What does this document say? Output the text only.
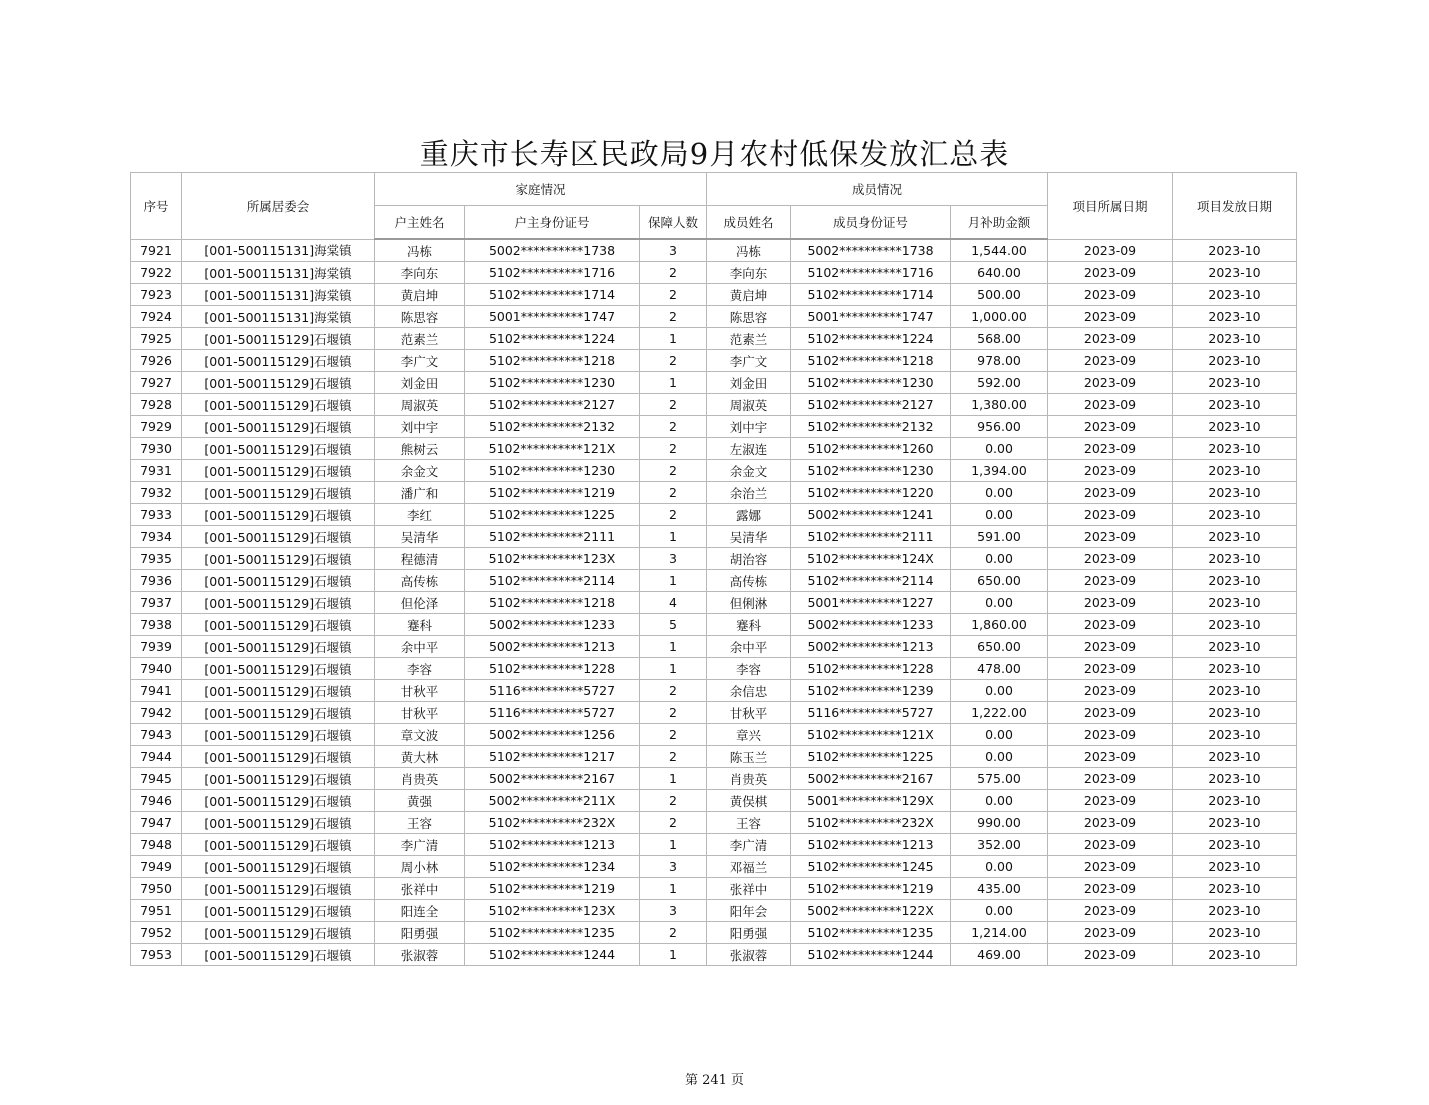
重庆市长寿区民政局9月农村低保发放汇总表
序号	所属居委会	家庭情况			成员情况			项目所属日期	项目发放日期
		户主姓名	户主身份证号	保障人数	成员姓名	成员身份证号	月补助金额		
7921	[001-500115131]海棠镇	冯栋	5002**********1738	3	冯栋	5002**********1738	1,544.00	2023-09	2023-10
7922	[001-500115131]海棠镇	李向东	5102**********1716	2	李向东	5102**********1716	640.00	2023-09	2023-10
7923	[001-500115131]海棠镇	黄启坤	5102**********1714	2	黄启坤	5102**********1714	500.00	2023-09	2023-10
7924	[001-500115131]海棠镇	陈思容	5001**********1747	2	陈思容	5001**********1747	1,000.00	2023-09	2023-10
7925	[001-500115129]石堰镇	范素兰	5102**********1224	1	范素兰	5102**********1224	568.00	2023-09	2023-10
7926	[001-500115129]石堰镇	李广文	5102**********1218	2	李广文	5102**********1218	978.00	2023-09	2023-10
7927	[001-500115129]石堰镇	刘金田	5102**********1230	1	刘金田	5102**********1230	592.00	2023-09	2023-10
7928	[001-500115129]石堰镇	周淑英	5102**********2127	2	周淑英	5102**********2127	1,380.00	2023-09	2023-10
7929	[001-500115129]石堰镇	刘中宇	5102**********2132	2	刘中宇	5102**********2132	956.00	2023-09	2023-10
7930	[001-500115129]石堰镇	熊树云	5102**********121X	2	左淑连	5102**********1260	0.00	2023-09	2023-10
7931	[001-500115129]石堰镇	余金文	5102**********1230	2	余金文	5102**********1230	1,394.00	2023-09	2023-10
7932	[001-500115129]石堰镇	潘广和	5102**********1219	2	余治兰	5102**********1220	0.00	2023-09	2023-10
7933	[001-500115129]石堰镇	李红	5102**********1225	2	露娜	5002**********1241	0.00	2023-09	2023-10
7934	[001-500115129]石堰镇	吴清华	5102**********2111	1	吴清华	5102**********2111	591.00	2023-09	2023-10
7935	[001-500115129]石堰镇	程德清	5102**********123X	3	胡治容	5102**********124X	0.00	2023-09	2023-10
7936	[001-500115129]石堰镇	高传栋	5102**********2114	1	高传栋	5102**********2114	650.00	2023-09	2023-10
7937	[001-500115129]石堰镇	但伦泽	5102**********1218	4	但俐淋	5001**********1227	0.00	2023-09	2023-10
7938	[001-500115129]石堰镇	蹇科	5002**********1233	5	蹇科	5002**********1233	1,860.00	2023-09	2023-10
7939	[001-500115129]石堰镇	余中平	5002**********1213	1	余中平	5002**********1213	650.00	2023-09	2023-10
7940	[001-500115129]石堰镇	李容	5102**********1228	1	李容	5102**********1228	478.00	2023-09	2023-10
7941	[001-500115129]石堰镇	甘秋平	5116**********5727	2	余信忠	5102**********1239	0.00	2023-09	2023-10
7942	[001-500115129]石堰镇	甘秋平	5116**********5727	2	甘秋平	5116**********5727	1,222.00	2023-09	2023-10
7943	[001-500115129]石堰镇	章文波	5002**********1256	2	章兴	5102**********121X	0.00	2023-09	2023-10
7944	[001-500115129]石堰镇	黄大林	5102**********1217	2	陈玉兰	5102**********1225	0.00	2023-09	2023-10
7945	[001-500115129]石堰镇	肖贵英	5002**********2167	1	肖贵英	5002**********2167	575.00	2023-09	2023-10
7946	[001-500115129]石堰镇	黄强	5002**********211X	2	黄俣棋	5001**********129X	0.00	2023-09	2023-10
7947	[001-500115129]石堰镇	王容	5102**********232X	2	王容	5102**********232X	990.00	2023-09	2023-10
7948	[001-500115129]石堰镇	李广清	5102**********1213	1	李广清	5102**********1213	352.00	2023-09	2023-10
7949	[001-500115129]石堰镇	周小林	5102**********1234	3	邓福兰	5102**********1245	0.00	2023-09	2023-10
7950	[001-500115129]石堰镇	张祥中	5102**********1219	1	张祥中	5102**********1219	435.00	2023-09	2023-10
7951	[001-500115129]石堰镇	阳连全	5102**********123X	3	阳年会	5002**********122X	0.00	2023-09	2023-10
7952	[001-500115129]石堰镇	阳勇强	5102**********1235	2	阳勇强	5102**********1235	1,214.00	2023-09	2023-10
7953	[001-500115129]石堰镇	张淑蓉	5102**********1244	1	张淑蓉	5102**********1244	469.00	2023-09	2023-10
第 241 页
